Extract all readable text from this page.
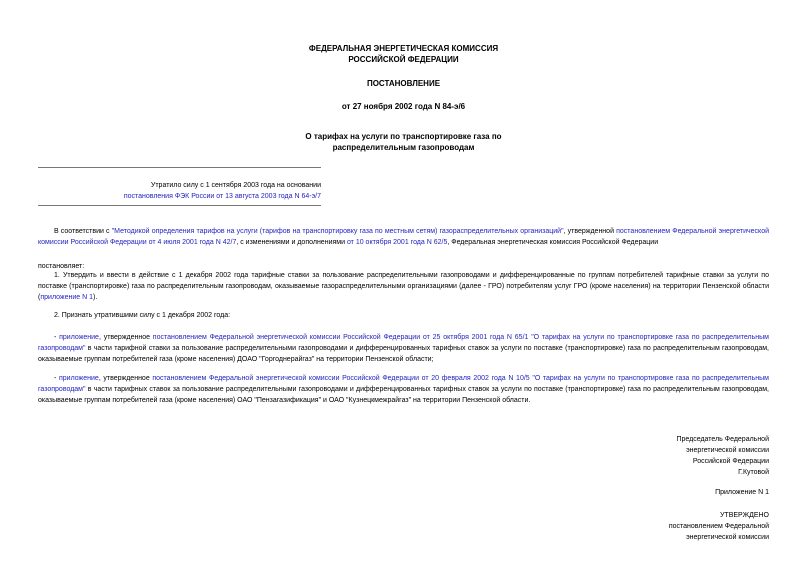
ФЕДЕРАЛЬНАЯ ЭНЕРГЕТИЧЕСКАЯ КОМИССИЯ
РОССИЙСКОЙ ФЕДЕРАЦИИ
ПОСТАНОВЛЕНИЕ
от 27 ноября 2002 года N 84-э/6
О тарифах на услуги по транспортировке газа по
распределительным газопроводам
Утратило силу с 1 сентября 2003 года на основании
постановления ФЭК России от 13 августа 2003 года N 64-э/7
В соответствии с "Методикой определения тарифов на услуги (тарифов на транспортировку газа по местным сетям) газораспределительных организаций", утвержденной постановлением Федеральной энергетической комиссии Российской Федерации от 4 июля 2001 года N 42/7, с изменениями и дополнениями от 10 октября 2001 года N 62/5, Федеральная энергетическая комиссия Российской Федерации
постановляет:
1. Утвердить и ввести в действие с 1 декабря 2002 года тарифные ставки за пользование распределительными газопроводами и дифференцированные по группам потребителей тарифные ставки за услуги по поставке (транспортировке) газа по распределительным газопроводам, оказываемые газораспределительными организациями (далее - ГРО) потребителям услуг ГРО (кроме населения) на территории Пензенской области (приложение N 1).
2. Признать утратившими силу с 1 декабря 2002 года:
- приложение, утвержденное постановлением Федеральной энергетической комиссии Российской Федерации от 25 октября 2001 года N 65/1 "О тарифах на услуги по транспортировке газа по распределительным газопроводам" в части тарифной ставки за пользование распределительными газопроводами и дифференцированных тарифных ставок за услуги по поставке (транспортировке) газа по распределительным газопроводам, оказываемые группам потребителей газа (кроме населения) ДОАО "Горгоднерайгаз" на территории Пензенской области;
- приложение, утвержденное постановлением Федеральной энергетической комиссии Российской Федерации от 20 февраля 2002 года N 10/5 "О тарифах на услуги по транспортировке газа по распределительным газопроводам" в части тарифных ставок за пользование распределительными газопроводами и дифференцированных тарифных ставок за услуги по поставке (транспортировке) газа по распределительным газопроводам, оказываемые группам потребителей газа (кроме населения) ОАО "Пензагазификация" и ОАО "Кузнецкмежрайгаз" на территории Пензенской области.
Председатель Федеральной
энергетической комиссии
Российской Федерации
Г.Кутовой
Приложение N 1
УТВЕРЖДЕНО
постановлением Федеральной
энергетической комиссии
